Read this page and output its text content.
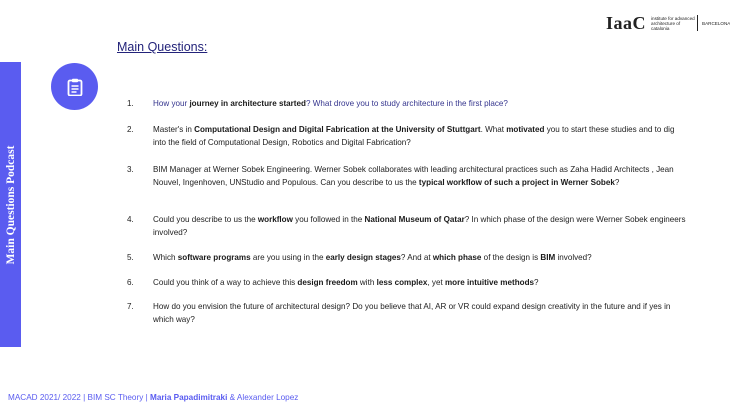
Main Questions Podcast
Main Questions:
IaaC institute for advanced architecture of catalonia
BARCELONA
1. How your journey in architecture started? What drove you to study architecture in the first place?
2. Master's in Computational Design and Digital Fabrication at the University of Stuttgart. What motivated you to start these studies and to dig into the field of Computational Design, Robotics and Digital Fabrication?
3. BIM Manager at Werner Sobek Engineering. Werner Sobek collaborates with leading architectural practices such as Zaha Hadid Architects , Jean Nouvel, Ingenhoven, UNStudio and Populous. Can you describe to us the typical workflow of such a project in Werner Sobek?
4. Could you describe to us the workflow you followed in the National Museum of Qatar? In which phase of the design were Werner Sobek engineers involved?
5. Which software programs are you using in the early design stages? And at which phase of the design is BIM involved?
6. Could you think of a way to achieve this design freedom with less complex, yet more intuitive methods?
7. How do you envision the future of architectural design? Do you believe that AI, AR or VR could expand design creativity in the future and if yes in which way?
MACAD 2021/ 2022 | BIM SC Theory | Maria Papadimitraki & Alexander Lopez
